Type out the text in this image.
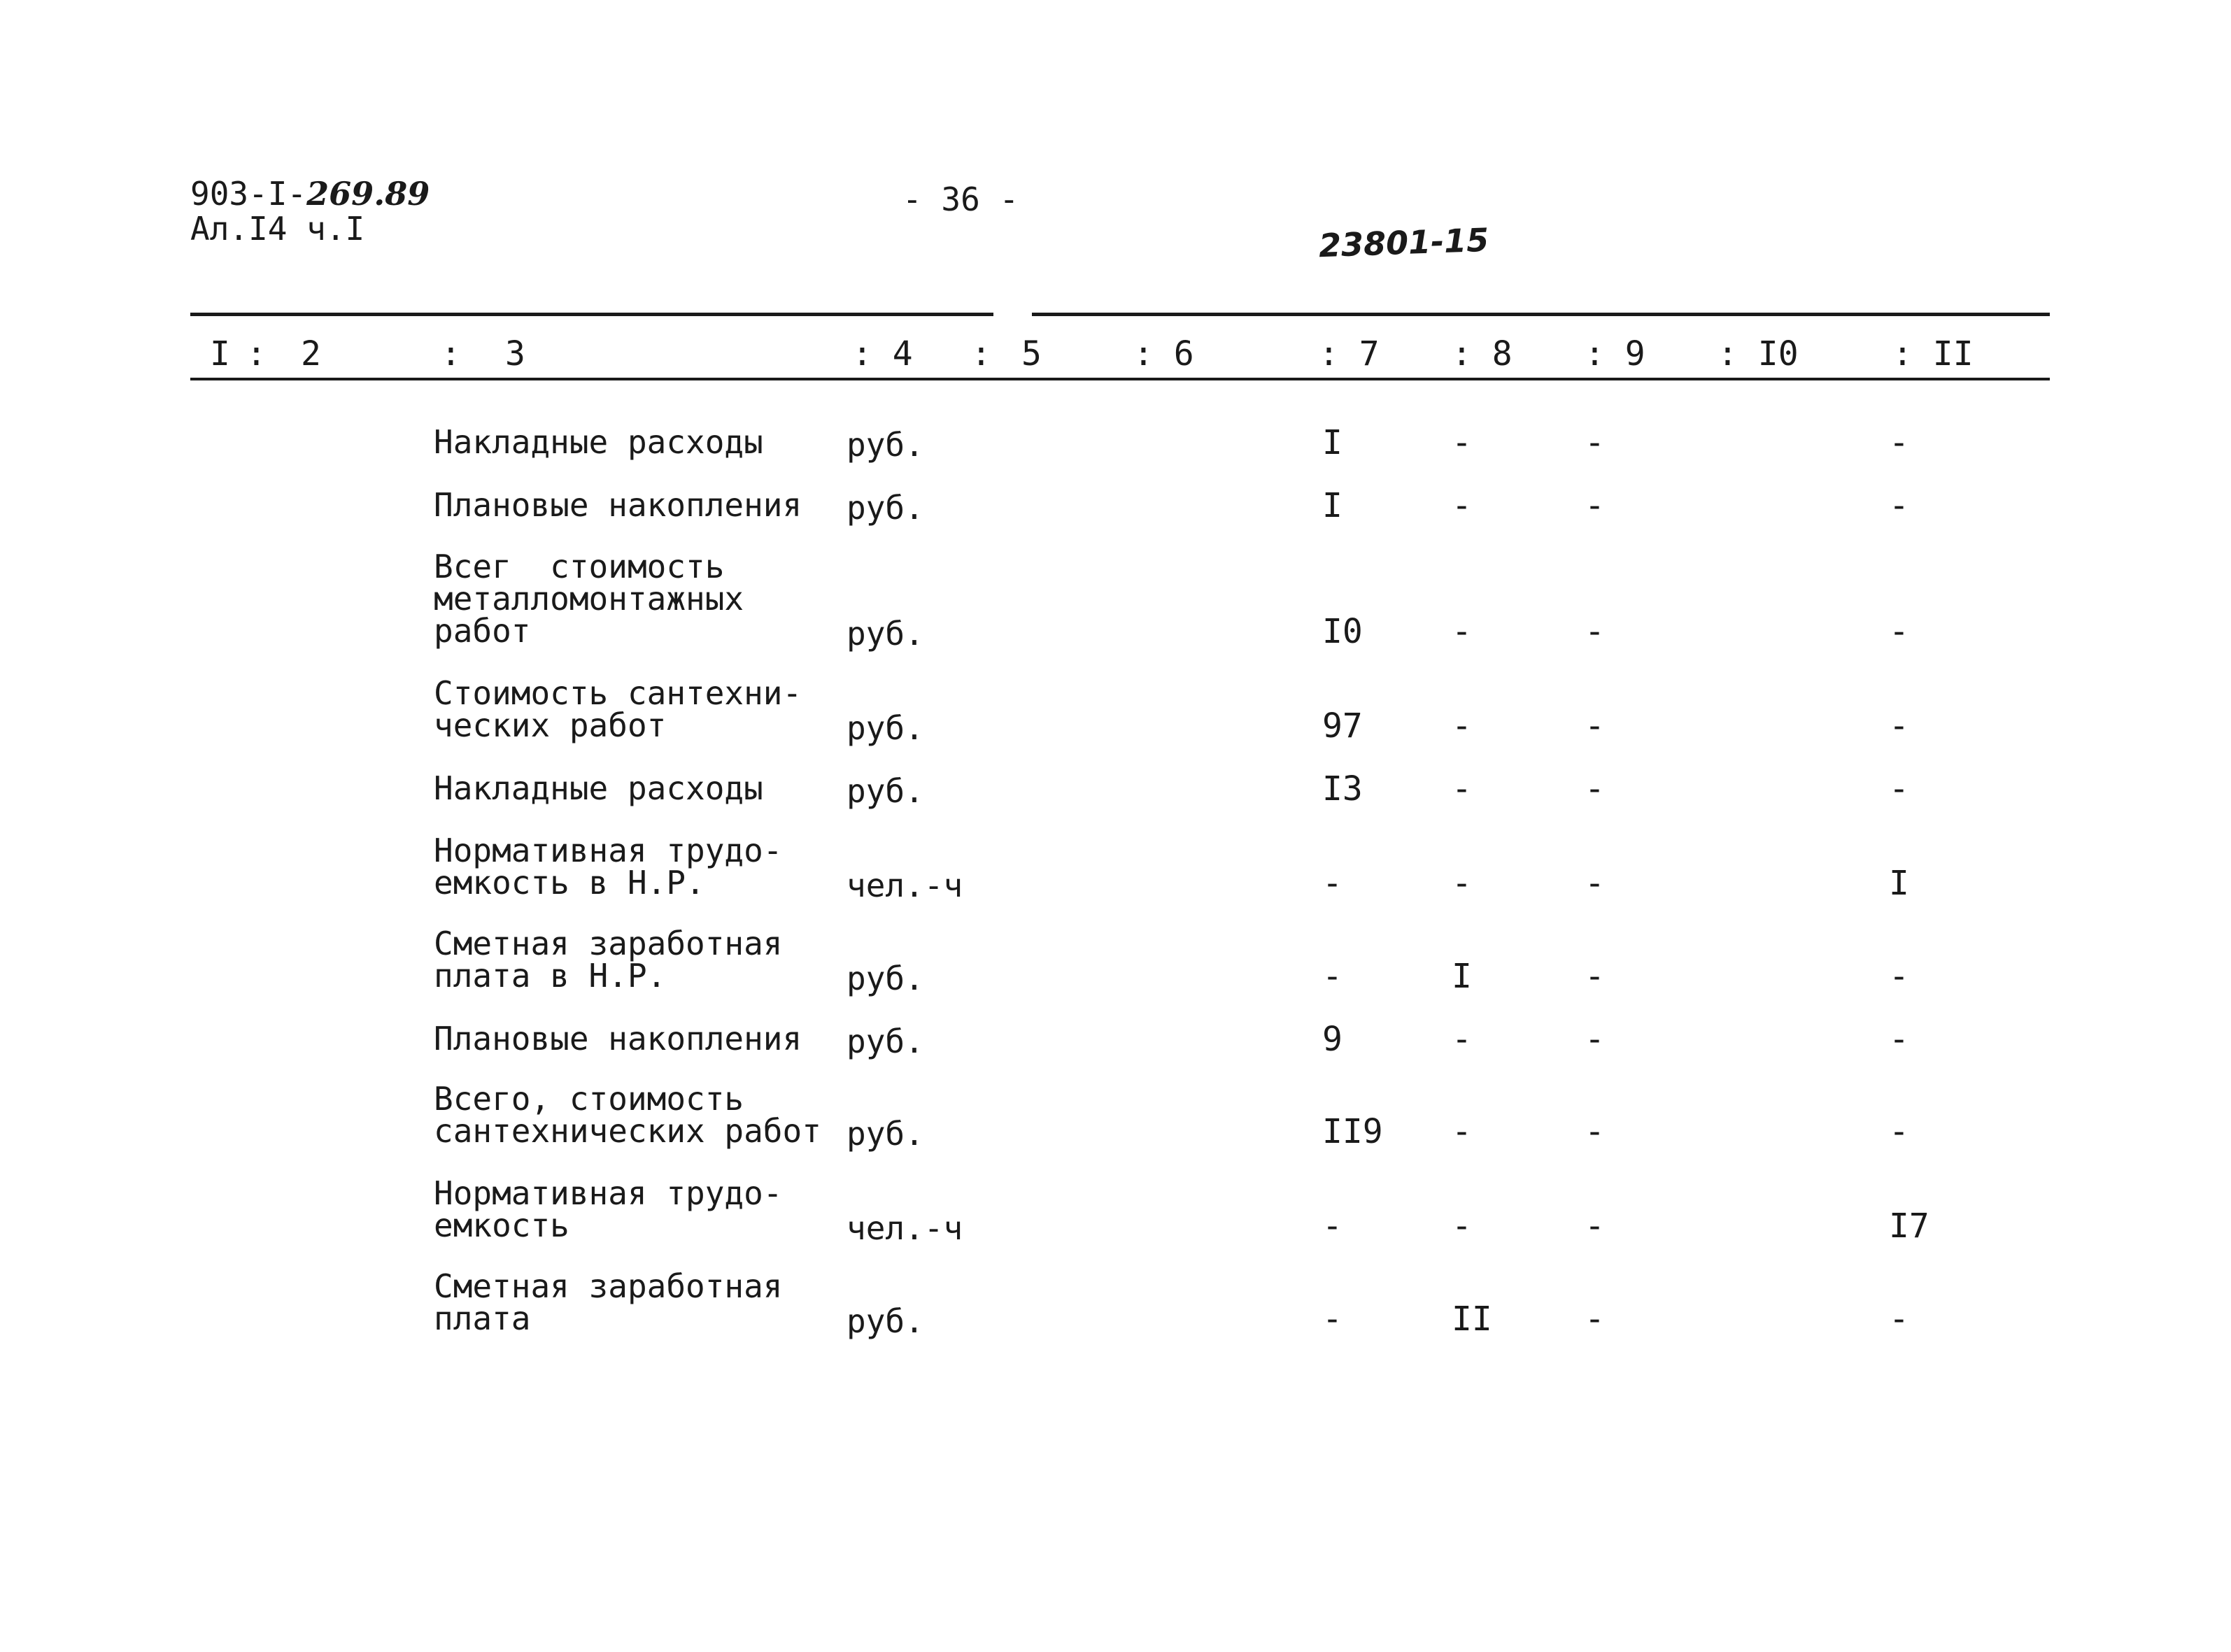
903-I-269.89
Ал.I4 ч.I
- 36 -
23801-15
I : 2	: 3	: 4 : 5	: 6	: 7 : 8 : 9 : I0	: II
Накладные расходы	руб.	I	-	-	-
Плановые накопления руб.	I	-	-	-
Всег  стоимость
металломонтажных
работ	руб.	I0	-	-	-
Стоимость сантехни-
ческих работ	руб.	97	-	-	-
Накладные расходы	руб.	I3	-	-	-
Нормативная трудо-
емкость в Н.Р.	чел.-ч	-	-	-	I
Сметная заработная
плата в Н.Р.	руб.	-	I	-	-
Плановые накопления руб.	9	-	-	-
Всего, стоимость
сантехнических работ руб.	II9 -	-	-
Нормативная трудо-
емкость	чел.-ч	-	-	-	I7
Сметная заработная
плата	руб.	-	II	-	-
